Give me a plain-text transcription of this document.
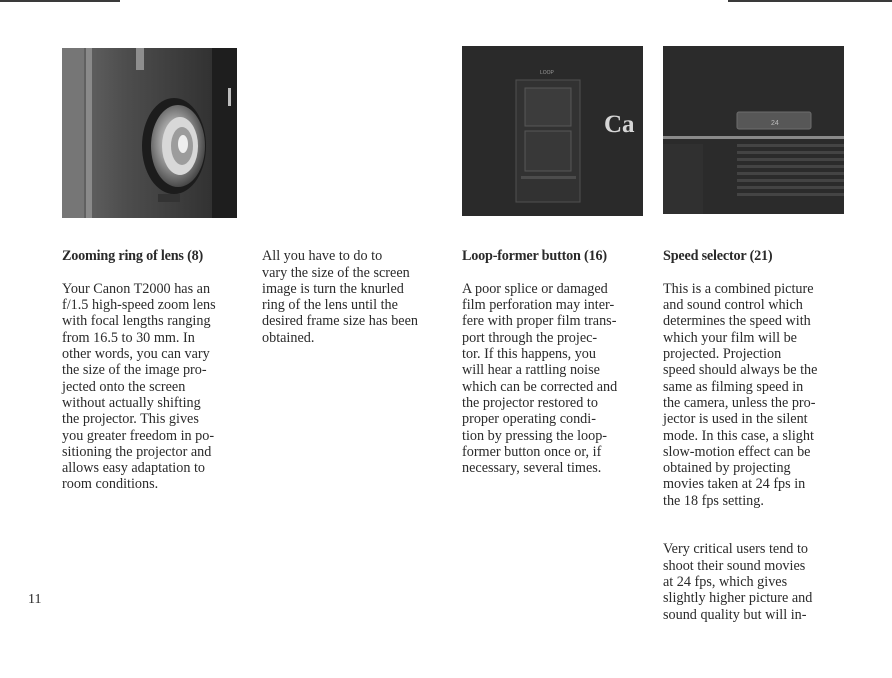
LOOP
Ca	24

Zooming ring of lens (8)

Your Canon T2000 has an
f/1.5 high-speed zoom lens
with focal lengths ranging
from 16.5 to 30 mm. In
other words, you can vary
the size of the image pro-
jected onto the screen
without actually shifting
the projector. This gives
you greater freedom in po-
sitioning the projector and
allows easy adaptation to
room conditions.

All you have to do to
vary the size of the screen
image is turn the knurled
ring of the lens until the
desired frame size has been
obtained.

Loop-former button (16)

A poor splice or damaged
film perforation may inter-
fere with proper film trans-
port through the projec-
tor. If this happens, you
will hear a rattling noise
which can be corrected and
the projector restored to
proper operating condi-
tion by pressing the loop-
former button once or, if
necessary, several times.

Speed selector (21)

This is a combined picture
and sound control which
determines the speed with
which your film will be
projected. Projection
speed should always be the
same as filming speed in
the camera, unless the pro-
jector is used in the silent
mode. In this case, a slight
slow-motion effect can be
obtained by projecting
movies taken at 24 fps in
the 18 fps setting.

Very critical users tend to
shoot their sound movies
at 24 fps, which gives
slightly higher picture and
sound quality but will in-

11
